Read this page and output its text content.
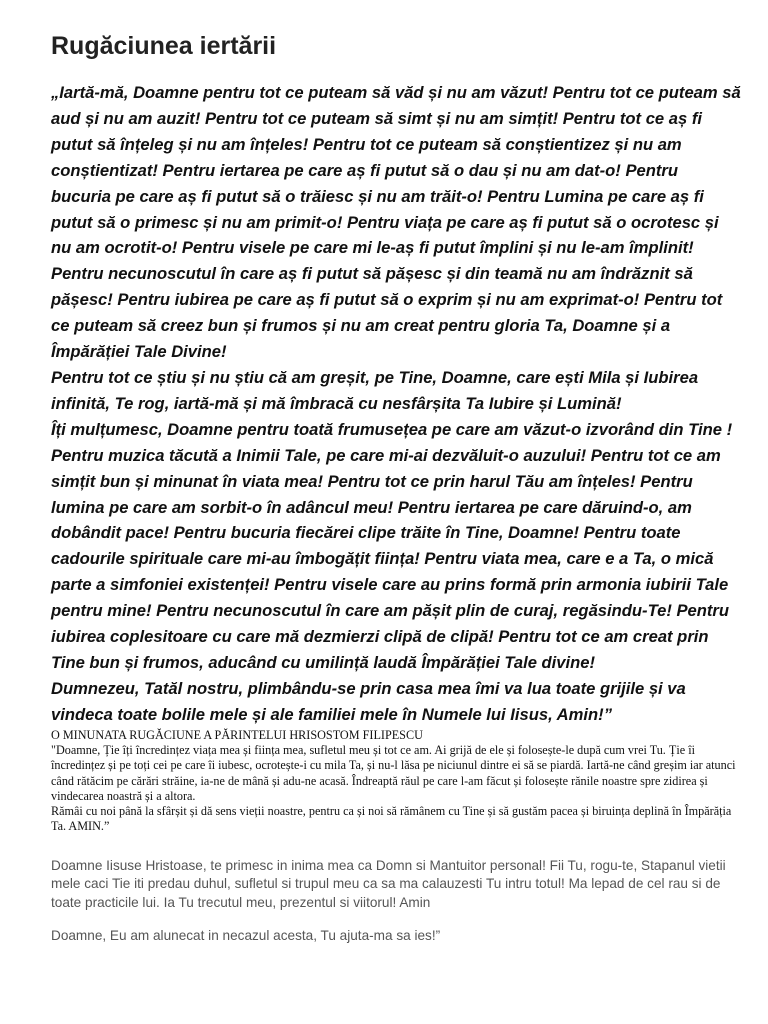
Rugăciunea iertării

„Iartă-mă, Doamne pentru tot ce puteam să văd și nu am văzut! Pentru tot ce puteam să aud și nu am auzit! Pentru tot ce puteam să simt și nu am simțit! Pentru tot ce aș fi putut să înțeleg și nu am înțeles! Pentru tot ce puteam să conștientizez și nu am conștientizat! Pentru iertarea pe care aș fi putut să o dau și nu am dat-o! Pentru bucuria pe care aș fi putut să o trăiesc și nu am trăit-o! Pentru Lumina pe care aș fi putut să o primesc și nu am primit-o! Pentru viața pe care aș fi putut să o ocrotesc și nu am ocrotit-o! Pentru visele pe care mi le-aș fi putut împlini și nu le-am împlinit! Pentru necunoscutul în care aș fi putut să pășesc și din teamă nu am îndrăznit să pășesc! Pentru iubirea pe care aș fi putut să o exprim și nu am exprimat-o! Pentru tot ce puteam să creez bun și frumos și nu am creat pentru gloria Ta, Doamne și a Împărăției Tale Divine!

Pentru tot ce știu și nu știu că am greșit, pe Tine, Doamne, care ești Mila și Iubirea infinită, Te rog, iartă-mă și mă îmbracă cu nesfârșita Ta Iubire și Lumină!

Îți mulțumesc, Doamne pentru toată frumusețea pe care am văzut-o izvorând din Tine ! Pentru muzica tăcută a Inimii Tale, pe care mi-ai dezvăluit-o auzului! Pentru tot ce am simțit bun și minunat în viata mea! Pentru tot ce prin harul Tău am înțeles! Pentru lumina pe care am sorbit-o în adâncul meu! Pentru iertarea pe care dăruind-o, am dobândit pace! Pentru bucuria fiecărei clipe trăite în Tine, Doamne! Pentru toate cadourile spirituale care mi-au îmbogățit ființa! Pentru viata mea, care e a Ta, o mică parte a simfoniei existenței! Pentru visele care au prins formă prin armonia iubirii Tale pentru mine! Pentru necunoscutul în care am pășit plin de curaj, regăsindu-Te! Pentru iubirea coplesitoare cu care mă dezmierzi clipă de clipă! Pentru tot ce am creat prin Tine bun și frumos, aducând cu umilință laudă Împărăției Tale divine!

Dumnezeu, Tatăl nostru, plimbându-se prin casa mea îmi va lua toate grijile și va vindeca toate bolile mele și ale familiei mele în Numele lui Iisus, Amin!”

O MINUNATA RUGĂCIUNE A PĂRINTELUI HRISOSTOM FILIPESCU

"Doamne, Ție îți încredințez viața mea și ființa mea, sufletul meu și tot ce am. Ai grijă de ele și folosește-le după cum vrei Tu. Ție îi încredințez și pe toți cei pe care îi iubesc, ocrotește-i cu mila Ta, și nu-l lăsa pe niciunul dintre ei să se piardă. Iartă-ne când greșim iar atunci când rătăcim pe cărări străine, ia-ne de mână și adu-ne acasă. Îndreaptă răul pe care l-am făcut și folosește rănile noastre spre zidirea și vindecarea noastră și a altora.

Rămâi cu noi până la sfârșit și dă sens vieții noastre, pentru ca și noi să rămânem cu Tine și să gustăm pacea și biruința deplină în Împărăția Ta. AMIN.”

Doamne Iisuse Hristoase, te primesc in inima mea ca Domn si Mantuitor personal! Fii Tu, rogu-te, Stapanul vietii mele caci Tie iti predau duhul, sufletul si trupul meu ca sa ma calauzesti Tu intru totul! Ma lepad de cel rau si de toate practicile lui. Ia Tu trecutul meu, prezentul si viitorul! Amin

Doamne, Eu am alunecat in necazul acesta, Tu ajuta-ma sa ies!”
